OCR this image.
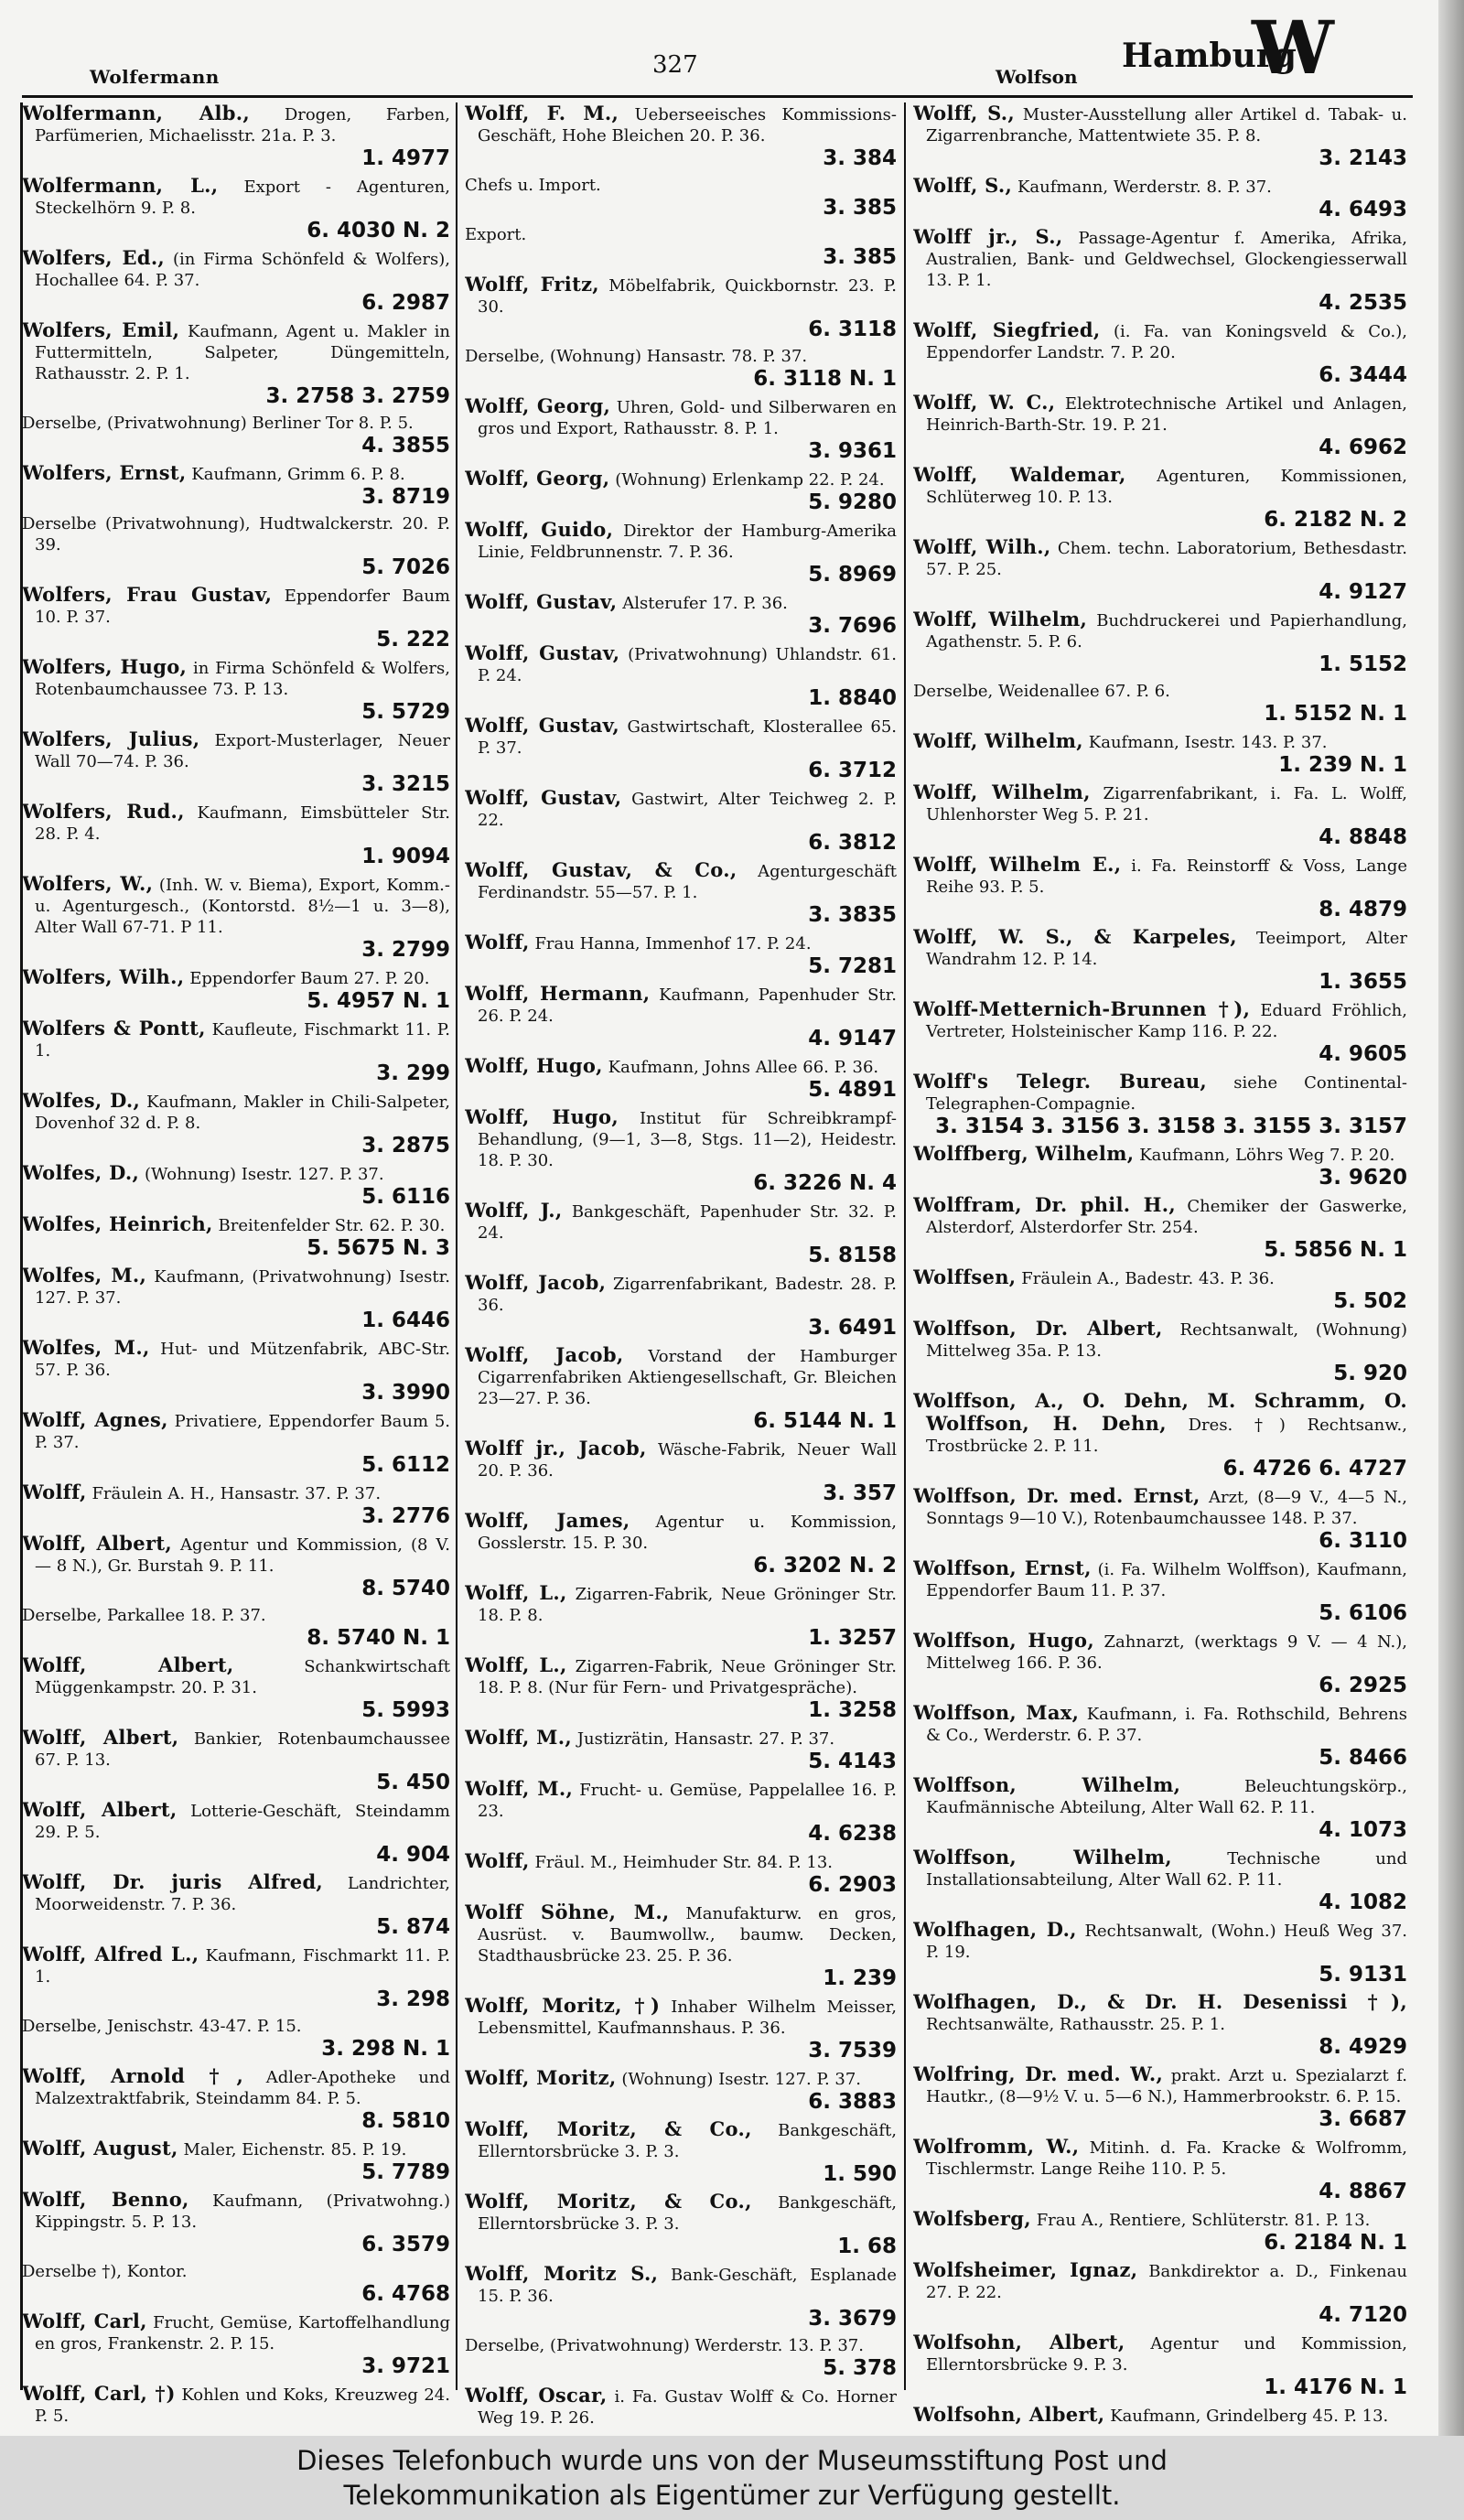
Wolfermann	327	Wolfson
Hamburg
W
Wolfermann, Alb., Drogen, Farben, Parfümerien, Michaelisstr. 21a. P. 3.
1. 4977
Wolfermann, L., Export - Agenturen, Steckelhörn 9. P. 8.
6. 4030 N. 2
Wolfers, Ed., (in Firma Schönfeld & Wolfers), Hochallee 64. P. 37.
6. 2987
Wolfers, Emil, Kaufmann, Agent u. Makler in Futtermitteln, Salpeter, Düngemitteln, Rathausstr. 2. P. 1.
3. 2758 3. 2759
Derselbe, (Privatwohnung) Berliner Tor 8. P. 5.
4. 3855
Wolfers, Ernst, Kaufmann, Grimm 6. P. 8.
3. 8719
Derselbe (Privatwohnung), Hudtwalckerstr. 20. P. 39.
5. 7026
Wolfers, Frau Gustav, Eppendorfer Baum 10. P. 37.
5. 222
Wolfers, Hugo, in Firma Schönfeld & Wolfers, Rotenbaumchaussee 73. P. 13.
5. 5729
Wolfers, Julius, Export-Musterlager, Neuer Wall 70—74. P. 36.
3. 3215
Wolfers, Rud., Kaufmann, Eimsbütteler Str. 28. P. 4.
1. 9094
Wolfers, W., (Inh. W. v. Biema), Export, Komm.- u. Agenturgesch., (Kontorstd. 8½—1 u. 3—8), Alter Wall 67-71. P 11.
3. 2799
Wolfers, Wilh., Eppendorfer Baum 27. P. 20.
5. 4957 N. 1
Wolfers & Pontt, Kaufleute, Fischmarkt 11. P. 1.
3. 299
Wolfes, D., Kaufmann, Makler in Chili-Salpeter, Dovenhof 32 d. P. 8.
3. 2875
Wolfes, D., (Wohnung) Isestr. 127. P. 37.
5. 6116
Wolfes, Heinrich, Breitenfelder Str. 62. P. 30.
5. 5675 N. 3
Wolfes, M., Kaufmann, (Privatwohnung) Isestr. 127. P. 37.
1. 6446
Wolfes, M., Hut- und Mützenfabrik, ABC-Str. 57. P. 36.
3. 3990
Wolff, Agnes, Privatiere, Eppendorfer Baum 5. P. 37.
5. 6112
Wolff, Fräulein A. H., Hansastr. 37. P. 37.
3. 2776
Wolff, Albert, Agentur und Kommission, (8 V. — 8 N.), Gr. Burstah 9. P. 11.
8. 5740
Derselbe, Parkallee 18. P. 37.
8. 5740 N. 1
Wolff, Albert,	Schankwirtschaft Müggenkampstr. 20. P. 31.
5. 5993
Wolff, Albert, Bankier, Rotenbaumchaussee 67. P. 13.
5. 450
Wolff, Albert, Lotterie-Geschäft, Steindamm 29. P. 5.
4. 904
Wolff, Dr. juris Alfred, Landrichter, Moorweidenstr. 7. P. 36.
5. 874
Wolff, Alfred L., Kaufmann, Fischmarkt 11. P. 1.
3. 298
Derselbe, Jenischstr. 43-47. P. 15.
3. 298 N. 1
Wolff, Arnold †, Adler-Apotheke und Malzextraktfabrik, Steindamm 84. P. 5.
8. 5810
Wolff, August, Maler, Eichenstr. 85. P. 19.
5. 7789
Wolff, Benno, Kaufmann, (Privatwohng.) Kippingstr. 5. P. 13.
6. 3579
Derselbe †), Kontor.
6. 4768
Wolff, Carl, Frucht, Gemüse, Kartoffelhandlung en gros, Frankenstr. 2. P. 15.
3. 9721
Wolff, Carl, †) Kohlen und Koks, Kreuzweg 24. P. 5.
Wolff, F. M., Ueberseeisches Kommissions-Geschäft, Hohe Bleichen 20. P. 36.
3. 384
Chefs u. Import.
3. 385
Export.
3. 385
Wolff, Fritz, Möbelfabrik, Quickbornstr. 23. P. 30.
6. 3118
Derselbe, (Wohnung) Hansastr. 78. P. 37.
6. 3118 N. 1
Wolff, Georg, Uhren, Gold- und Silberwaren en gros und Export, Rathausstr. 8. P. 1.
3. 9361
Wolff, Georg, (Wohnung) Erlenkamp 22. P. 24.
5. 9280
Wolff, Guido, Direktor der Hamburg-Amerika Linie, Feldbrunnenstr. 7. P. 36.
5. 8969
Wolff, Gustav, Alsterufer 17. P. 36.
3. 7696
Wolff, Gustav, (Privatwohnung) Uhlandstr. 61. P. 24.
1. 8840
Wolff, Gustav, Gastwirtschaft, Klosterallee 65. P. 37.
6. 3712
Wolff, Gustav, Gastwirt, Alter Teichweg 2. P. 22.
6. 3812
Wolff, Gustav, & Co., Agenturgeschäft Ferdinandstr. 55—57. P. 1.
3. 3835
Wolff, Frau Hanna, Immenhof 17. P. 24.
5. 7281
Wolff, Hermann, Kaufmann, Papenhuder Str. 26. P. 24.
4. 9147
Wolff, Hugo, Kaufmann, Johns Allee 66. P. 36.
5. 4891
Wolff, Hugo, Institut für Schreibkrampf-Behandlung, (9—1, 3—8, Stgs. 11—2), Heidestr. 18. P. 30.
6. 3226 N. 4
Wolff, J., Bankgeschäft, Papenhuder Str. 32. P. 24.
5. 8158
Wolff, Jacob, Zigarrenfabrikant, Badestr. 28. P. 36.
3. 6491
Wolff, Jacob, Vorstand der Hamburger Cigarrenfabriken Aktiengesellschaft, Gr. Bleichen 23—27. P. 36.
6. 5144 N. 1
Wolff jr., Jacob, Wäsche-Fabrik, Neuer Wall 20. P. 36.
3. 357
Wolff, James, Agentur u. Kommission, Gosslerstr. 15. P. 30.
6. 3202 N. 2
Wolff, L., Zigarren-Fabrik, Neue Gröninger Str. 18. P. 8.
1. 3257
Wolff, L., Zigarren-Fabrik, Neue Gröninger Str. 18. P. 8. (Nur für Fern- und Privatgespräche).
1. 3258
Wolff, M., Justizrätin, Hansastr. 27. P. 37.
5. 4143
Wolff, M., Frucht- u. Gemüse, Pappelallee 16. P. 23.
4. 6238
Wolff, Fräul. M., Heimhuder Str. 84. P. 13.
6. 2903
Wolff Söhne, M., Manufakturw. en gros, Ausrüst. v. Baumwollw., baumw. Decken, Stadthausbrücke 23. 25. P. 36.
1. 239
Wolff, Moritz, †) Inhaber Wilhelm Meisser, Lebensmittel, Kaufmannshaus. P. 36.
3. 7539
Wolff, Moritz, (Wohnung) Isestr. 127. P. 37.
6. 3883
Wolff, Moritz, & Co., Bankgeschäft, Ellerntorsbrücke 3. P. 3.
1. 590
Wolff, Moritz, & Co., Bankgeschäft, Ellerntorsbrücke 3. P. 3.
1. 68
Wolff, Moritz S., Bank-Geschäft, Esplanade 15. P. 36.
3. 3679
Derselbe, (Privatwohnung) Werderstr. 13. P. 37.
5. 378
Wolff, Oscar, i. Fa. Gustav Wolff & Co. Horner Weg 19. P. 26.
Wolff, S., Muster-Ausstellung aller Artikel d. Tabak- u. Zigarrenbranche, Mattentwiete 35. P. 8.
3. 2143
Wolff, S., Kaufmann, Werderstr. 8. P. 37.
4. 6493
Wolff jr., S., Passage-Agentur f. Amerika, Afrika, Australien, Bank- und Geldwechsel, Glockengiesserwall 13. P. 1.
4. 2535
Wolff, Siegfried, (i. Fa. van Koningsveld & Co.), Eppendorfer Landstr. 7. P. 20.
6. 3444
Wolff, W. C., Elektrotechnische Artikel und Anlagen, Heinrich-Barth-Str. 19. P. 21.
4. 6962
Wolff, Waldemar, Agenturen, Kommissionen, Schlüterweg 10. P. 13.
6. 2182 N. 2
Wolff, Wilh., Chem. techn. Laboratorium, Bethesdastr. 57. P. 25.
4. 9127
Wolff, Wilhelm, Buchdruckerei und Papierhandlung, Agathenstr. 5. P. 6.
1. 5152
Derselbe, Weidenallee 67. P. 6.
1. 5152 N. 1
Wolff, Wilhelm, Kaufmann, Isestr. 143. P. 37.
1. 239 N. 1
Wolff, Wilhelm, Zigarrenfabrikant, i. Fa. L. Wolff, Uhlenhorster Weg 5. P. 21.
4. 8848
Wolff, Wilhelm E., i. Fa. Reinstorff & Voss, Lange Reihe 93. P. 5.
8. 4879
Wolff, W. S., & Karpeles, Teeimport, Alter Wandrahm 12. P. 14.
1. 3655
Wolff-Metternich-Brunnen †), Eduard Fröhlich, Vertreter, Holsteinischer Kamp 116. P. 22.
4. 9605
Wolff's Telegr. Bureau, siehe Continental-Telegraphen-Compagnie.
3. 3154 3. 3156 3. 3158 3. 3155 3. 3157
Wolffberg, Wilhelm, Kaufmann, Löhrs Weg 7. P. 20.
3. 9620
Wolffram, Dr. phil. H., Chemiker der Gaswerke, Alsterdorf, Alsterdorfer Str. 254.
5. 5856 N. 1
Wolffsen, Fräulein A., Badestr. 43. P. 36.
5. 502
Wolffson, Dr. Albert, Rechtsanwalt, (Wohnung) Mittelweg 35a. P. 13.
5. 920
Wolffson, A., O. Dehn, M. Schramm, O. Wolffson, H. Dehn, Dres. †) Rechtsanw., Trostbrücke 2. P. 11.
6. 4726 6. 4727
Wolffson, Dr. med. Ernst, Arzt, (8—9 V., 4—5 N., Sonntags 9—10 V.), Rotenbaumchaussee 148. P. 37.
6. 3110
Wolffson, Ernst, (i. Fa. Wilhelm Wolffson), Kaufmann, Eppendorfer Baum 11. P. 37.
5. 6106
Wolffson, Hugo, Zahnarzt, (werktags 9 V. — 4 N.), Mittelweg 166. P. 36.
6. 2925
Wolffson, Max, Kaufmann, i. Fa. Rothschild, Behrens & Co., Werderstr. 6. P. 37.
5. 8466
Wolffson, Wilhelm,	Beleuchtungskörp., Kaufmännische Abteilung, Alter Wall 62. P. 11.
4. 1073
Wolffson, Wilhelm,	Technische und Installationsabteilung, Alter Wall 62. P. 11.
4. 1082
Wolfhagen, D., Rechtsanwalt, (Wohn.) Heuß Weg 37. P. 19.
5. 9131
Wolfhagen, D., & Dr. H. Desenissi †), Rechtsanwälte, Rathausstr. 25. P. 1.
8. 4929
Wolfring, Dr. med. W., prakt. Arzt u. Spezialarzt f. Hautkr., (8—9½ V. u. 5—6 N.), Hammerbrookstr. 6. P. 15.
3. 6687
Wolfromm, W., Mitinh. d. Fa. Kracke & Wolfromm, Tischlermstr. Lange Reihe 110. P. 5.
4. 8867
Wolfsberg, Frau A., Rentiere, Schlüterstr. 81. P. 13.
6. 2184 N. 1
Wolfsheimer, Ignaz, Bankdirektor a. D., Finkenau 27. P. 22.
4. 7120
Wolfsohn, Albert, Agentur und Kommission, Ellerntorsbrücke 9. P. 3.
1. 4176 N. 1
Wolfsohn, Albert, Kaufmann, Grindelberg 45. P. 13.
Dieses Telefonbuch wurde uns von der Museumsstiftung Post und
Telekommunikation als Eigentümer zur Verfügung gestellt.
